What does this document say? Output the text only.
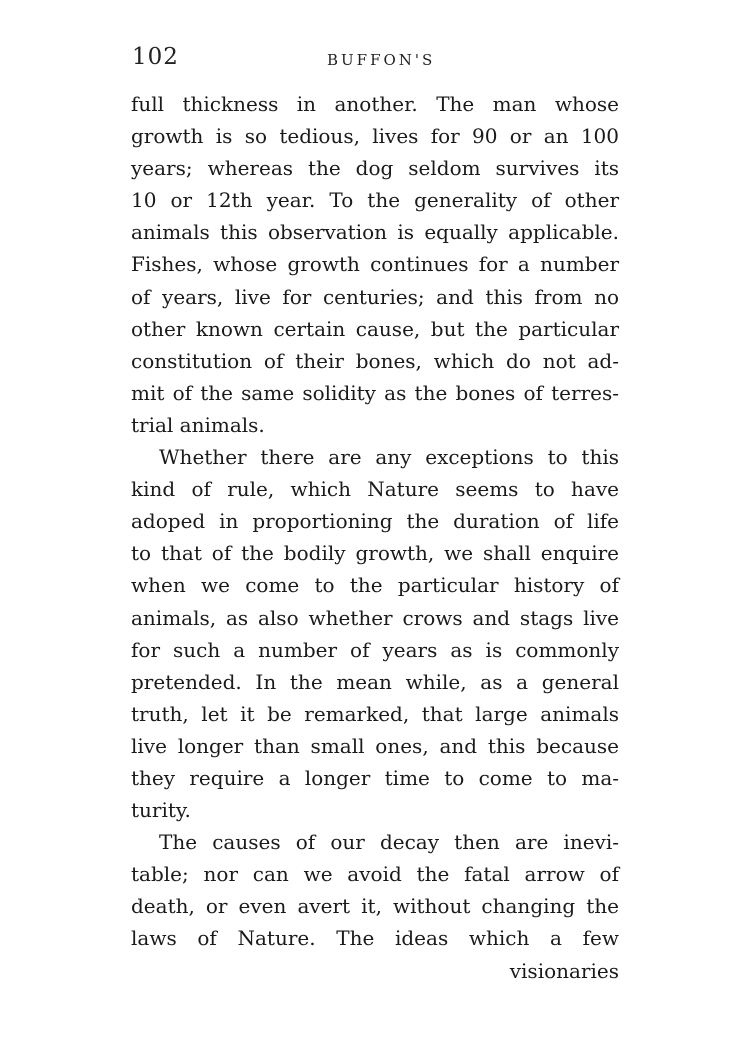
102	BUFFON'S
full thickness in another. The man whose
growth is so tedious, lives for 90 or an 100
years; whereas the dog seldom survives its
10 or 12th year. To the generality of other
animals this observation is equally applicable.
Fishes, whose growth continues for a number
of years, live for centuries; and this from no
other known certain cause, but the particular
constitution of their bones, which do not ad-
mit of the same solidity as the bones of terres-
trial animals.
Whether there are any exceptions to this
kind of rule, which Nature seems to have
adoped in proportioning the duration of life
to that of the bodily growth, we shall enquire
when we come to the particular history of
animals, as also whether crows and stags live
for such a number of years as is commonly
pretended. In the mean while, as a general
truth, let it be remarked, that large animals
live longer than small ones, and this because
they require a longer time to come to ma-
turity.
The causes of our decay then are inevi-
table; nor can we avoid the fatal arrow of
death, or even avert it, without changing the
laws of Nature. The ideas which a few
visionaries
